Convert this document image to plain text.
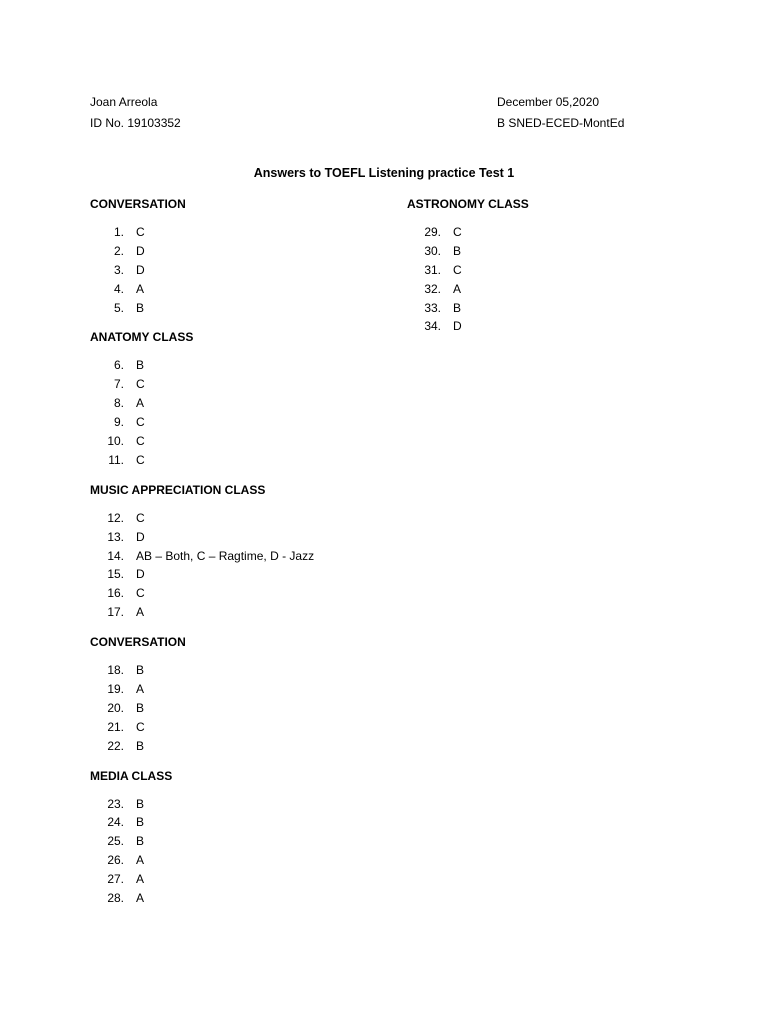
Joan Arreola
ID No. 19103352
December 05,2020
B SNED-ECED-MontEd
Answers to TOEFL Listening practice Test 1
CONVERSATION
1. C
2. D
3. D
4. A
5. B
ANATOMY CLASS
6. B
7. C
8. A
9. C
10. C
11. C
MUSIC APPRECIATION CLASS
12. C
13. D
14. AB – Both, C – Ragtime, D - Jazz
15. D
16. C
17. A
CONVERSATION
18. B
19. A
20. B
21. C
22. B
MEDIA CLASS
23. B
24. B
25. B
26. A
27. A
28. A
ASTRONOMY CLASS
29. C
30. B
31. C
32. A
33. B
34. D
